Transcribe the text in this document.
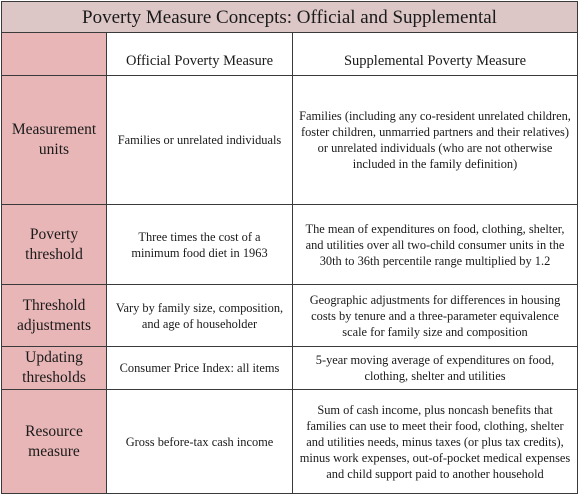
Poverty Measure Concepts: Official and Supplemental		
	Official Poverty Measure	Supplemental Poverty Measure
Measurement units	Families or unrelated individuals	Families (including any co-resident unrelated children, foster children, unmarried partners and their relatives) or unrelated individuals (who are not otherwise included in the family definition)
Poverty threshold	Three times the cost of a minimum food diet in 1963	The mean of expenditures on food, clothing, shelter, and utilities over all two-child consumer units in the 30th to 36th percentile range multiplied by 1.2
Threshold adjustments	Vary by family size, composition, and age of householder	Geographic adjustments for differences in housing costs by tenure and a three-parameter equivalence scale for family size and composition
Updating thresholds	Consumer Price Index: all items	5-year moving average of expenditures on food, clothing, shelter and utilities
Resource measure	Gross before-tax cash income	Sum of cash income, plus noncash benefits that families can use to meet their food, clothing, shelter and utilities needs, minus taxes (or plus tax credits), minus work expenses, out-of-pocket medical expenses and child support paid to another household
